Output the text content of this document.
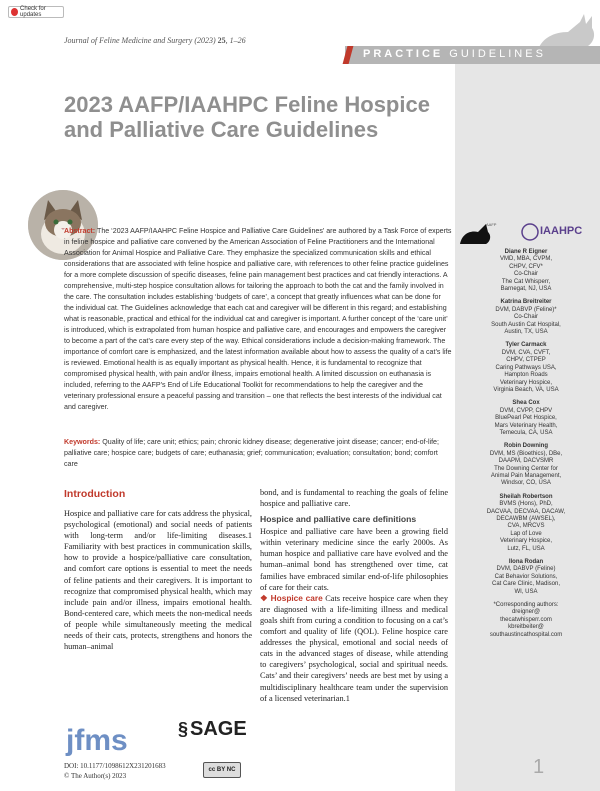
Check for updates
Journal of Feline Medicine and Surgery (2023) 25, 1–26
PRACTICE GUIDELINES
2023 AAFP/IAAHPC Feline Hospice and Palliative Care Guidelines

Abstract: The ‘2023 AAFP/IAAHPC Feline Hospice and Palliative Care Guidelines’ are authored by a Task Force of experts in feline hospice and palliative care convened by the American Association of Feline Practitioners and the International Association for Animal Hospice and Palliative Care. They emphasize the specialized communication skills and ethical considerations that are associated with feline hospice and palliative care, with references to other feline practice guidelines for a more complete discussion of specific diseases, feline pain management best practices and cat friendly interactions. A comprehensive, multi-step hospice consultation allows for tailoring the approach to both the cat and the family involved in the care. The consultation includes establishing ‘budgets of care’, a concept that greatly influences what can be done for the individual cat. The Guidelines acknowledge that each cat and caregiver will be different in this regard; and establishing what is reasonable, practical and ethical for the individual cat and caregiver is important. A further concept of the ‘care unit’ is introduced, which is extrapolated from human hospice and palliative care, and encourages and empowers the caregiver to become a part of the cat’s care every step of the way. Ethical considerations include a decision-making framework. The importance of comfort care is emphasized, and the latest information available about how to assess the quality of a cat’s life is reviewed. Emotional health is as equally important as physical health. Hence, it is fundamental to recognize that compromised physical health, with pain and/or illness, impairs emotional health. A limited discussion on euthanasia is included, referring to the AAFP’s End of Life Educational Toolkit for recommendations to help the caregiver and the veterinary professional ensure a peaceful passing and transition – one that reflects the best interests of the individual cat and caregiver.

Keywords: Quality of life; care unit; ethics; pain; chronic kidney disease; degenerative joint disease; cancer; end-of-life; palliative care; hospice care; budgets of care; euthanasia; grief; communication; evaluation; consultation; bond; comfort care

AAFP
IAAHPC
Diane R Eigner
VMD, MBA, CVPM,
CHPV, CFV*
Co-Chair
The Cat Whisperr,
Barnegat, NJ, USA
Katrina Breitreiter
DVM, DABVP (Feline)*
Co-Chair
South Austin Cat Hospital,
Austin, TX, USA
Tyler Carmack
DVM, CVA, CVFT,
CHPV, CTPEP
Caring Pathways USA,
Hampton Roads
Veterinary Hospice,
Virginia Beach, VA, USA
Shea Cox
DVM, CVPP, CHPV
BluePearl Pet Hospice,
Mars Veterinary Health,
Temecula, CA, USA
Robin Downing
DVM, MS (Bioethics), DBe,
DAAPM, DACVSMR
The Downing Center for
Animal Pain Management,
Windsor, CO, USA
Sheilah Robertson
BVMS (Hons), PhD,
DACVAA, DECVAA, DACAW,
DECAWBM (AWSEL),
CVA, MRCVS
Lap of Love
Veterinary Hospice,
Lutz, FL, USA
Ilona Rodan
DVM, DABVP (Feline)
Cat Behavior Solutions,
Cat Care Clinic, Madison,
WI, USA
*Corresponding authors:
dreigner@
thecatwhisperr.com
kbreitbeiter@
southaustincathospital.com
Introduction

Hospice and palliative care for cats address the physical, psychological (emotional) and social needs of patients with long-term and/or life-limiting diseases.1 Familiarity with best practices in communication skills, how to provide a hospice/palliative care consultation, and comfort care options is essential to meet the needs of feline patients and their caregivers. It is important to recognize that compromised physical health, which may include pain and/or illness, impairs emotional health. Bond-centered care, which meets the non-medical needs of people while simultaneously meeting the medical needs of their cats, protects, strengthens and honors the human–animal

bond, and is fundamental to reaching the goals of feline hospice and palliative care.

Hospice and palliative care definitions

Hospice and palliative care have been a growing field within veterinary medicine since the early 2000s. As human hospice and palliative care have evolved and the human–animal bond has strengthened over time, cat families have embraced similar end-of-life philosophies of care for their cats.

❖ Hospice care Cats receive hospice care when they are diagnosed with a life-limiting illness and medical goals shift from curing a condition to focusing on a cat’s comfort and quality of life (QOL). Feline hospice care addresses the physical, emotional and social needs of cats in the advanced stages of disease, while attending to caregivers’ psychological, social and spiritual needs. Cats’ and their caregivers’ needs are best met by using a multidisciplinary healthcare team under the supervision of a licensed veterinarian.1

jfms	§ SAGE
DOI: 10.1177/1098612X231201683
© The Author(s) 2023
cc BY NC	1
